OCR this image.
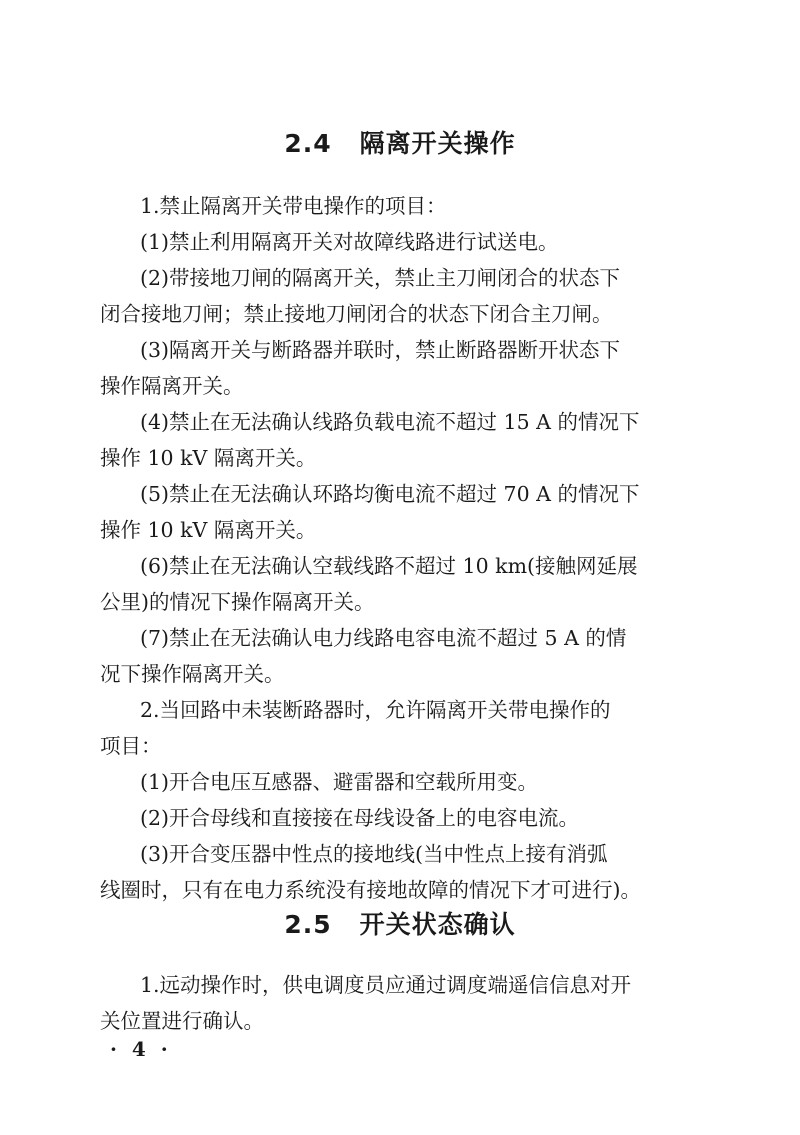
2.4 隔离开关操作
1.禁止隔离开关带电操作的项目：
(1)禁止利用隔离开关对故障线路进行试送电。
(2)带接地刀闸的隔离开关，禁止主刀闸闭合的状态下
闭合接地刀闸；禁止接地刀闸闭合的状态下闭合主刀闸。
(3)隔离开关与断路器并联时，禁止断路器断开状态下
操作隔离开关。
(4)禁止在无法确认线路负载电流不超过 15 A 的情况下
操作 10 kV 隔离开关。
(5)禁止在无法确认环路均衡电流不超过 70 A 的情况下
操作 10 kV 隔离开关。
(6)禁止在无法确认空载线路不超过 10 km(接触网延展
公里)的情况下操作隔离开关。
(7)禁止在无法确认电力线路电容电流不超过 5 A 的情
况下操作隔离开关。
2.当回路中未装断路器时，允许隔离开关带电操作的
项目：
(1)开合电压互感器、避雷器和空载所用变。
(2)开合母线和直接接在母线设备上的电容电流。
(3)开合变压器中性点的接地线(当中性点上接有消弧
线圈时，只有在电力系统没有接地故障的情况下才可进行)。
2.5 开关状态确认
1.远动操作时，供电调度员应通过调度端遥信信息对开
关位置进行确认。
· 4 ·
